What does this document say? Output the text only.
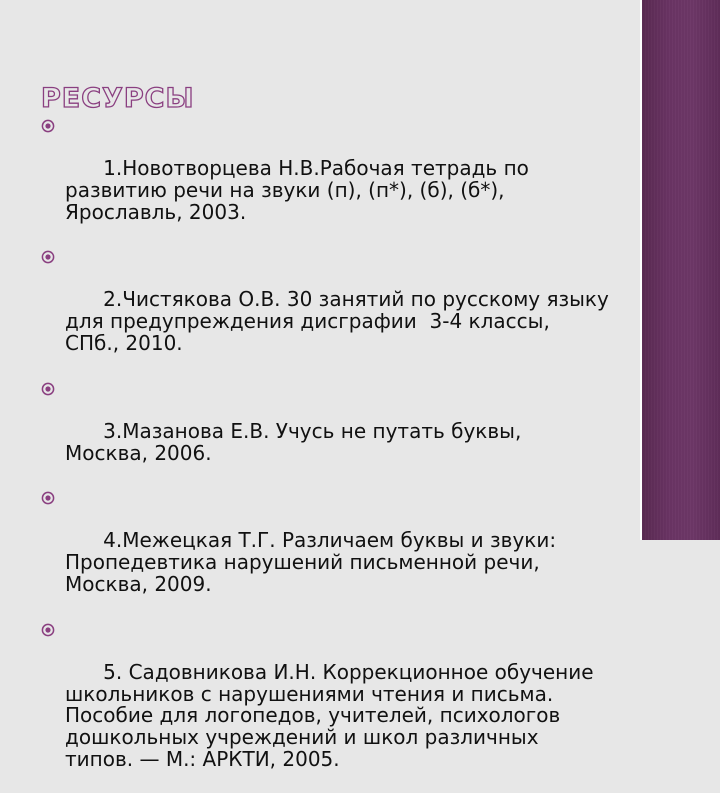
РЕСУРСЫ

1.Новотворцева Н.В.Рабочая тетрадь по
развитию речи на звуки (п), (п*), (б), (б*),
Ярославль, 2003.

2.Чистякова О.В. 30 занятий по русскому языку
для предупреждения дисграфии  3-4 классы,
СПб., 2010.

3.Мазанова Е.В. Учусь не путать буквы,
Москва, 2006.

4.Межецкая Т.Г. Различаем буквы и звуки:
Пропедевтика нарушений письменной речи,
Москва, 2009.

5. Садовникова И.Н. Коррекционное обучение
школьников с нарушениями чтения и письма.
Пособие для логопедов, учителей, психологов
дошкольных учреждений и школ различных
типов. — М.: АРКТИ, 2005.
